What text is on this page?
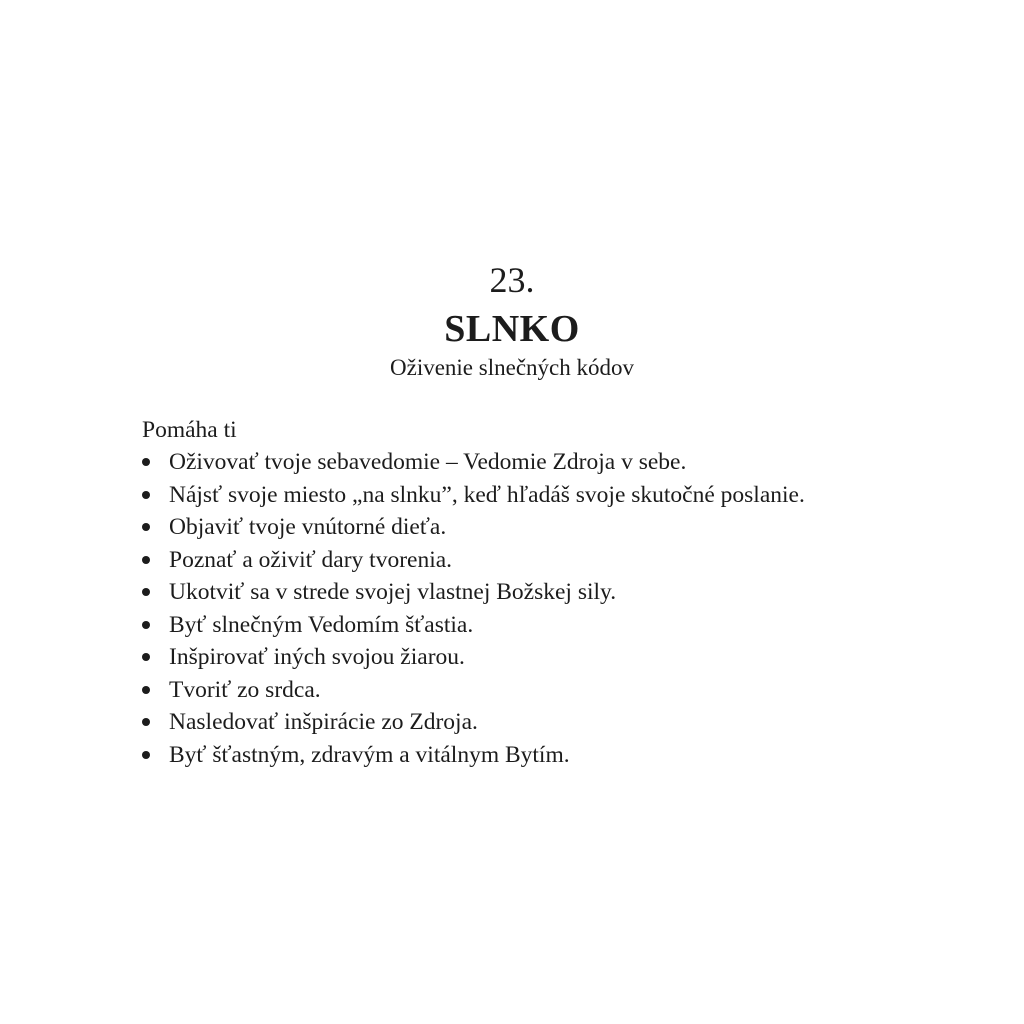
23.
SLNKO
Oživenie slnečných kódov
Pomáha ti
Oživovať tvoje sebavedomie – Vedomie Zdroja v sebe.
Nájsť svoje miesto „na slnku”, keď hľadáš svoje skutočné poslanie.
Objaviť tvoje vnútorné dieťa.
Poznať a oživiť dary tvorenia.
Ukotviť sa v strede svojej vlastnej Božskej sily.
Byť slnečným Vedomím šťastia.
Inšpirovať iných svojou žiarou.
Tvoriť zo srdca.
Nasledovať inšpirácie zo Zdroja.
Byť šťastným, zdravým a vitálnym Bytím.
